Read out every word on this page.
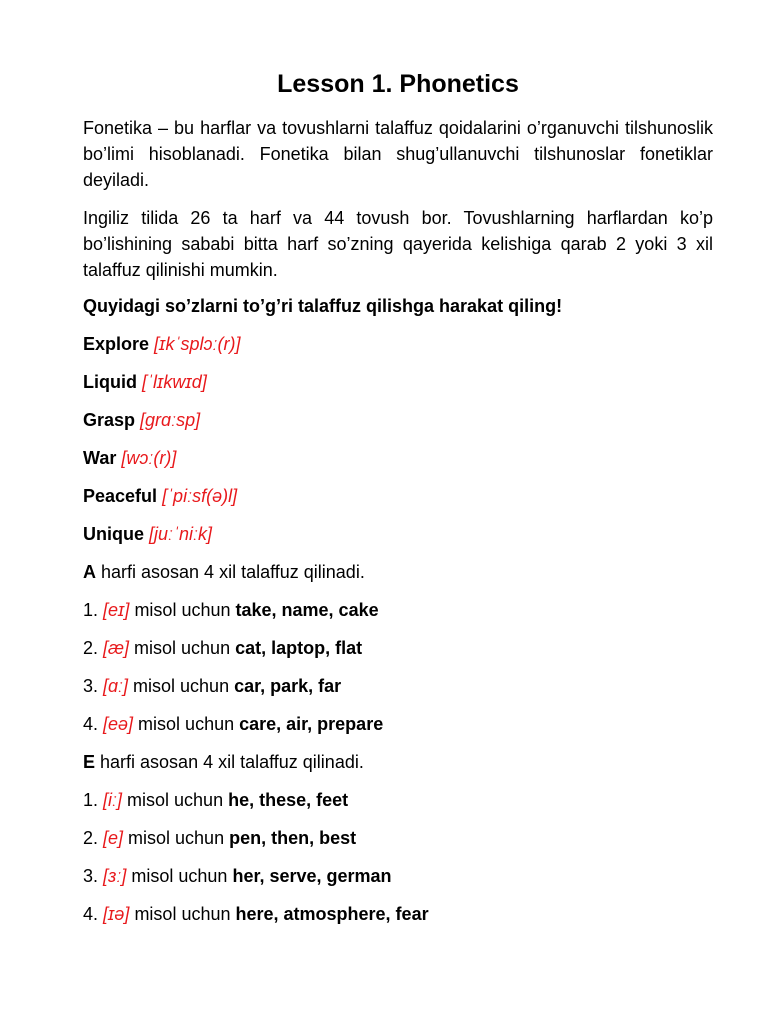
Lesson 1. Phonetics

Fonetika – bu harflar va tovushlarni talaffuz qoidalarini o’rganuvchi tilshunoslik bo’limi hisoblanadi. Fonetika bilan shug’ullanuvchi tilshunoslar fonetiklar deyiladi.

Ingiliz tilida 26 ta harf va 44 tovush bor. Tovushlarning harflardan ko’p bo’lishining sababi bitta harf so’zning qayerida kelishiga qarab 2 yoki 3 xil talaffuz qilinishi mumkin.

Quyidagi so’zlarni to’g’ri talaffuz qilishga harakat qiling!

Explore [ɪkˈsplɔː(r)]

Liquid [ˈlɪkwɪd]

Grasp [ɡrɑːsp]

War [wɔː(r)]

Peaceful [ˈpiːsf(ə)l]

Unique [juːˈniːk]

A harfi asosan 4 xil talaffuz qilinadi.

1. [eɪ] misol uchun take, name, cake

2. [æ] misol uchun cat, laptop, flat

3. [ɑː] misol uchun car, park, far

4. [eə] misol uchun care, air, prepare

E harfi asosan 4 xil talaffuz qilinadi.

1. [iː] misol uchun he, these, feet

2. [e] misol uchun pen, then, best

3. [ɜː] misol uchun her, serve, german

4. [ɪə] misol uchun here, atmosphere, fear
